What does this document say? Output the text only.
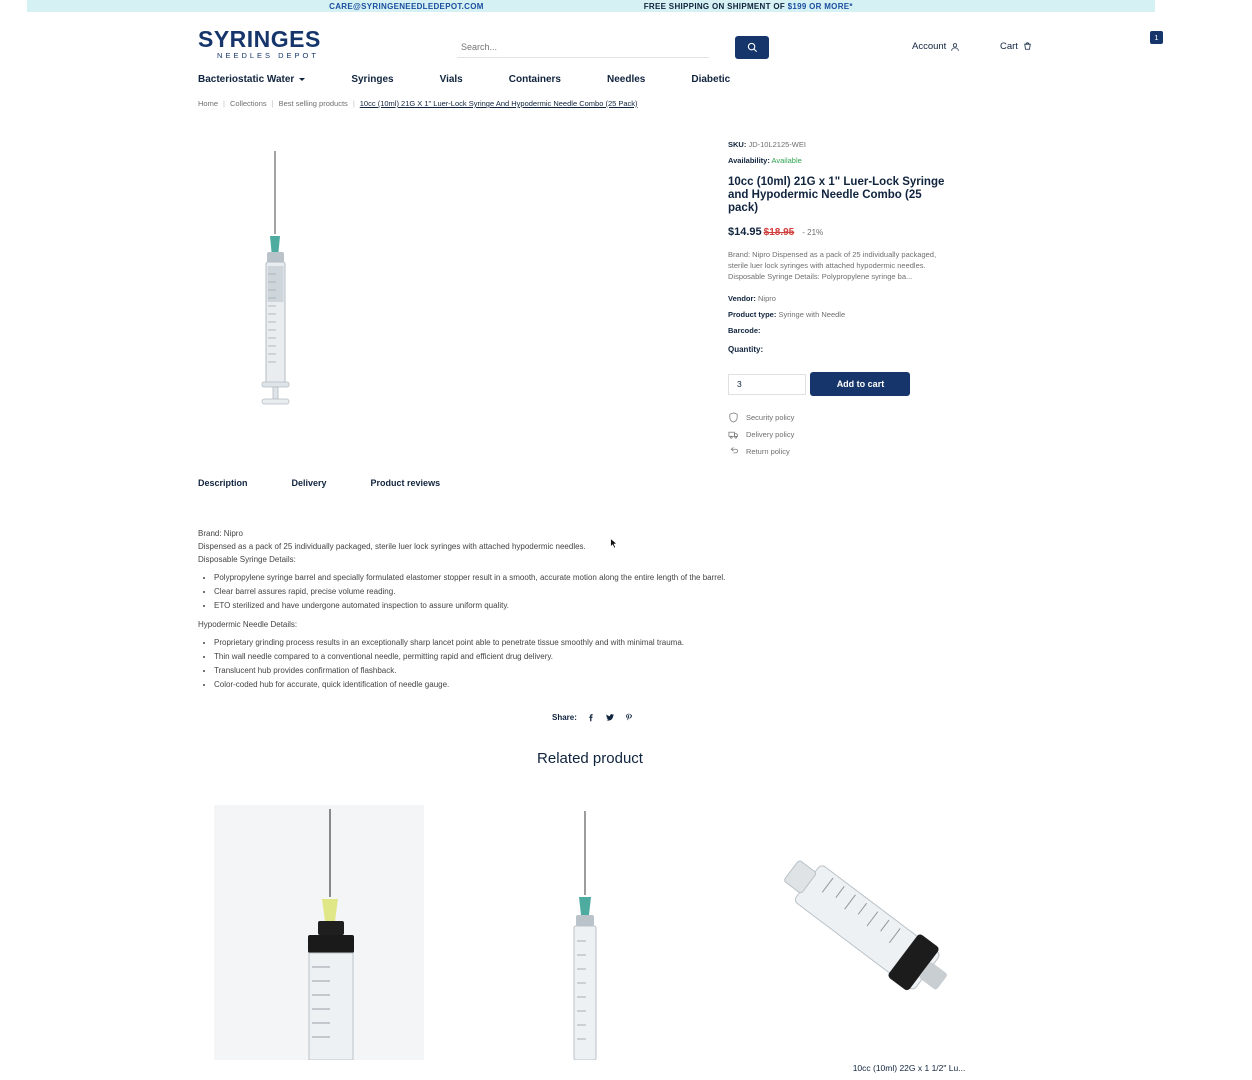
CARE@SYRINGENEEDLEDEPOT.COM	FREE SHIPPING ON SHIPMENT OF $199 OR MORE*
SYRINGES
NEEDLES DEPOT
Search...
Account	Cart
1
Bacteriostatic Water	Syringes	Vials	Containers	Needles	Diabetic
Home | Collections | Best selling products | 10cc (10ml) 21G X 1" Luer-Lock Syringe And Hypodermic Needle Combo (25 Pack)
SKU: JD-10L2125-WEI
Availability: Available
10cc (10ml) 21G x 1" Luer-Lock Syringe and Hypodermic Needle Combo (25 pack)
$14.95 $18.95 - 21%
Brand: Nipro Dispensed as a pack of 25 individually packaged, sterile luer lock syringes with attached hypodermic needles. Disposable Syringe Details: Polypropylene syringe ba...
Vendor: Nipro
Product type: Syringe with Needle
Barcode:
Quantity:
3 Add to cart
Security policy
Delivery policy
Return policy
Description	Delivery	Product reviews

Brand: Nipro

Dispensed as a pack of 25 individually packaged, sterile luer lock syringes with attached hypodermic needles.

Disposable Syringe Details:

• Polypropylene syringe barrel and specially formulated elastomer stopper result in a smooth, accurate motion along the entire length of the barrel.
• Clear barrel assures rapid, precise volume reading.
• ETO sterilized and have undergone automated inspection to assure uniform quality.

Hypodermic Needle Details:

• Proprietary grinding process results in an exceptionally sharp lancet point able to penetrate tissue smoothly and with minimal trauma.
• Thin wall needle compared to a conventional needle, permitting rapid and efficient drug delivery.
• Translucent hub provides confirmation of flashback.
• Color-coded hub for accurate, quick identification of needle gauge.
Share:
Related product
10cc (10ml) 22G x 1 1/2" Lu...
